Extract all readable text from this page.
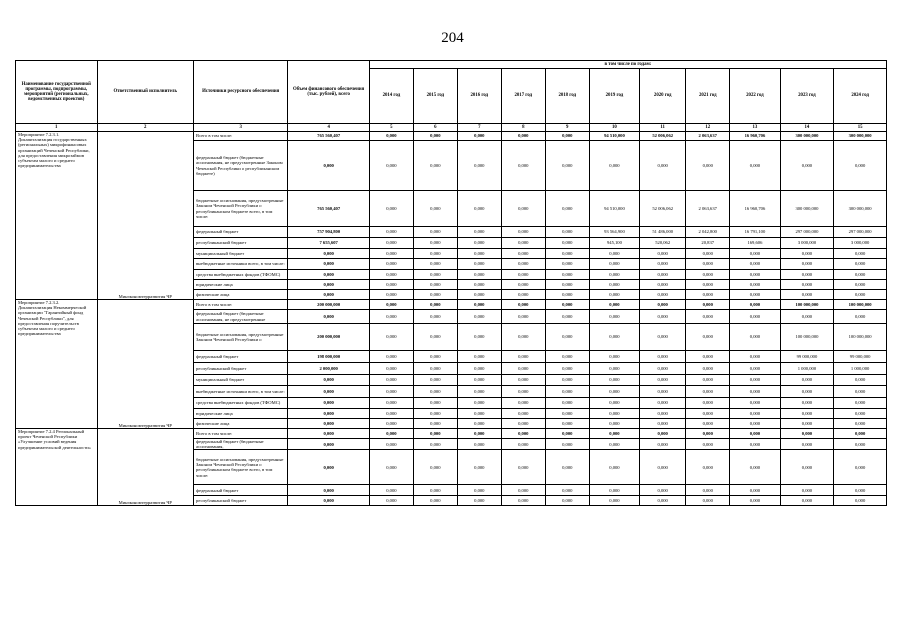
204
Наименование государственной программы, подпрограммы, мероприятий (региональных, ведомственных проектов)	Ответственный исполнитель	Источники ресурсного обеспечения	Объем финансового обеспечения (тыс. рублей), всего	в том числе по годам:										
				2014 год	2015 год	2016 год	2017 год	2018 год	2019 год	2020 год	2021 год	2022 год	2023 год	2024 год
1	2	3	4	5	6	7	8	9	10	11	12	13	14	15
Мероприятие 7.2.3.1. Докапитализация государственных (региональных) микрофинансовых организаций Чеченской Республики, для предоставления микрозаймов субъектам малого и среднего предпринимательства	Минэкономтерразвития ЧР	Всего в том числе:	765 560,407	0,000	0,000	0,000	0,000	0,000	94 510,000	52 006,062	2 063,637	16 960,706	300 000,000	300 000,000
		федеральный бюджет (бюджетные ассигнования, не предусмотренные Законом Чеченской Республики о республиканском бюджете)	0,000	0,000	0,000	0,000	0,000	0,000	0,000	0,000	0,000	0,000	0,000	0,000
		бюджетные ассигнования, предусмотренные Законом Чеченской Республики о республиканском бюджете всего, в том числе:	765 560,407	0,000	0,000	0,000	0,000	0,000	94 510,000	52 006,062	2 063,637	16 960,706	300 000,000	300 000,000
		федеральный бюджет	757 904,800	0,000	0,000	0,000	0,000	0,000	93 564,900	51 486,000	2 042,800	16 791,100	297 000,000	297 000,000
		республиканский бюджет	7 655,607	0,000	0,000	0,000	0,000	0,000	945,100	520,062	20,837	169,606	3 000,000	3 000,000
		муниципальный бюджет	0,000	0,000	0,000	0,000	0,000	0,000	0,000	0,000	0,000	0,000	0,000	0,000
		внебюджетные источники всего, в том числе:	0,000	0,000	0,000	0,000	0,000	0,000	0,000	0,000	0,000	0,000	0,000	0,000
		средства внебюджетных фондов (ТФОМС)	0,000	0,000	0,000	0,000	0,000	0,000	0,000	0,000	0,000	0,000	0,000	0,000
		юридические лица	0,000	0,000	0,000	0,000	0,000	0,000	0,000	0,000	0,000	0,000	0,000	0,000
		физические лица	0,000	0,000	0,000	0,000	0,000	0,000	0,000	0,000	0,000	0,000	0,000	0,000
Мероприятие 7.2.3.2. Докапитализация Некоммерческой организации "Гарантийный фонд Чеченской Республики", для предоставления поручительств субъектам малого и среднего предпринимательства	Минэкономтерразвития ЧР	Всего в том числе:	200 000,000	0,000	0,000	0,000	0,000	0,000	0,000	0,000	0,000	0,000	100 000,000	100 000,000
		федеральный бюджет (бюджетные ассигнования, не предусмотренные	0,000	0,000	0,000	0,000	0,000	0,000	0,000	0,000	0,000	0,000	0,000	0,000
		бюджетные ассигнования, предусмотренные Законом Чеченской Республики о	200 000,000	0,000	0,000	0,000	0,000	0,000	0,000	0,000	0,000	0,000	100 000,000	100 000,000
		федеральный бюджет	198 000,000	0,000	0,000	0,000	0,000	0,000	0,000	0,000	0,000	0,000	99 000,000	99 000,000
		республиканский бюджет	2 000,000	0,000	0,000	0,000	0,000	0,000	0,000	0,000	0,000	0,000	1 000,000	1 000,000
		муниципальный бюджет	0,000	0,000	0,000	0,000	0,000	0,000	0,000	0,000	0,000	0,000	0,000	0,000
		внебюджетные источники всего, в том числе:	0,000	0,000	0,000	0,000	0,000	0,000	0,000	0,000	0,000	0,000	0,000	0,000
		средства внебюджетных фондов (ТФОМС)	0,000	0,000	0,000	0,000	0,000	0,000	0,000	0,000	0,000	0,000	0,000	0,000
		юридические лица	0,000	0,000	0,000	0,000	0,000	0,000	0,000	0,000	0,000	0,000	0,000	0,000
		физические лица	0,000	0,000	0,000	0,000	0,000	0,000	0,000	0,000	0,000	0,000	0,000	0,000
Мероприятие 7.2.4 Региональный проект Чеченской Республики «Улучшение условий ведения предпринимательской деятельности»	Минэкономтерразвития ЧР	Всего в том числе:	0,000	0,000	0,000	0,000	0,000	0,000	0,000	0,000	0,000	0,000	0,000	0,000
		федеральный бюджет (бюджетные ассигнования,	0,000	0,000	0,000	0,000	0,000	0,000	0,000	0,000	0,000	0,000	0,000	0,000
		бюджетные ассигнования, предусмотренные Законом Чеченской Республики о республиканском бюджете всего, в том числе:	0,000	0,000	0,000	0,000	0,000	0,000	0,000	0,000	0,000	0,000	0,000	0,000
		федеральный бюджет	0,000	0,000	0,000	0,000	0,000	0,000	0,000	0,000	0,000	0,000	0,000	0,000
		республиканский бюджет	0,000	0,000	0,000	0,000	0,000	0,000	0,000	0,000	0,000	0,000	0,000	0,000
